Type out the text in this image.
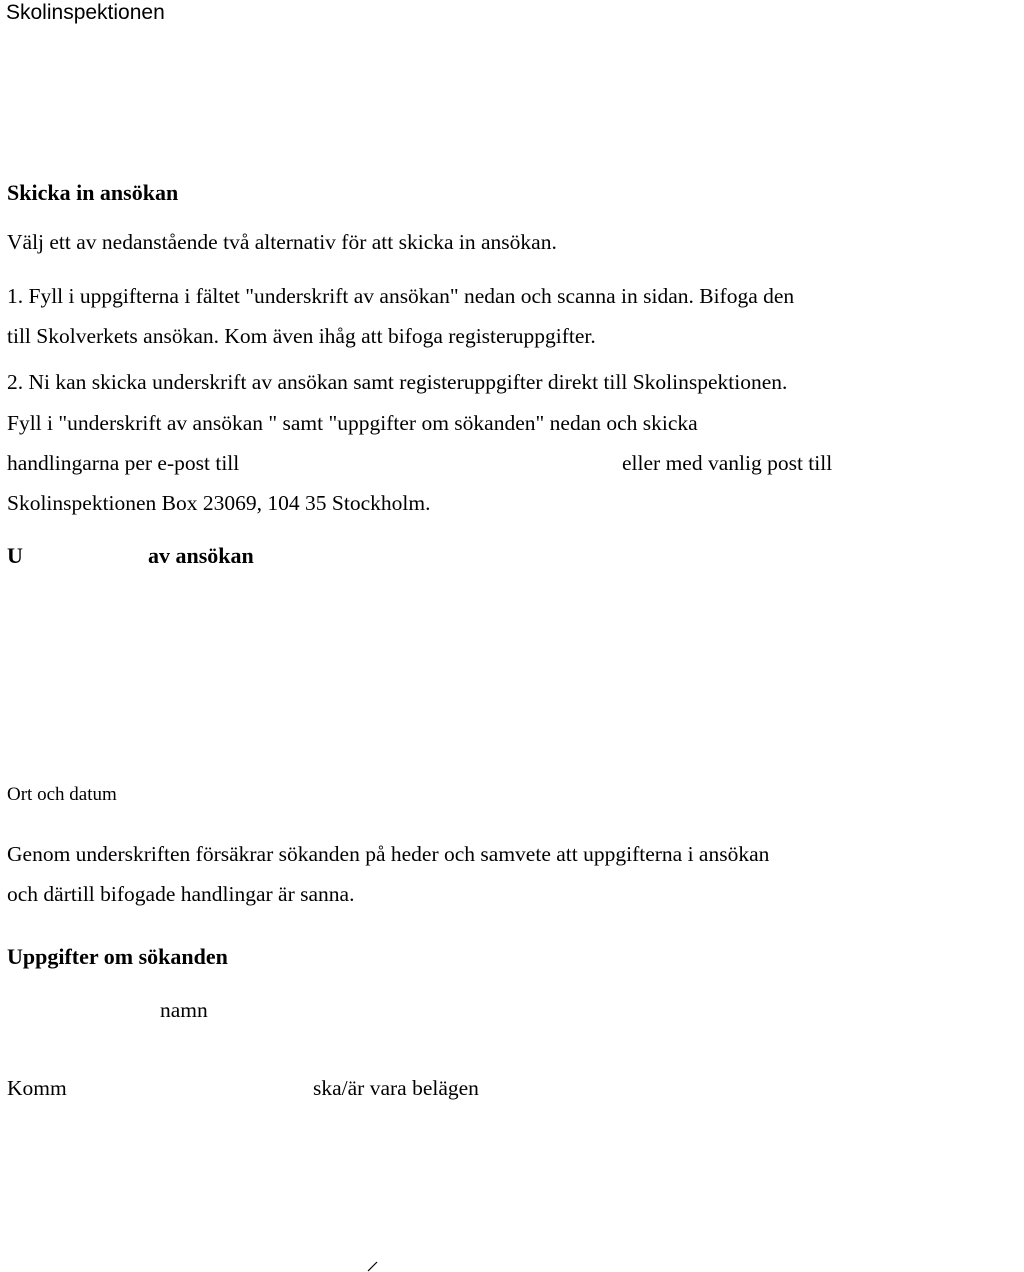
Skolinspektionen
Skicka in ansökan
Välj ett av nedanstående två alternativ för att skicka in ansökan.
1. Fyll i uppgifterna i fältet "underskrift av ansökan" nedan och scanna in sidan. Bifoga den
till Skolverkets ansökan. Kom även ihåg att bifoga registeruppgifter.
2. Ni kan skicka underskrift av ansökan samt registeruppgifter direkt till Skolinspektionen.
Fyll i "underskrift av ansökan " samt "uppgifter om sökanden" nedan och skicka
handlingarna per e-post till	eller med vanlig post till
Skolinspektionen Box 23069, 104 35 Stockholm.
U	av ansökan
Ort och datum
Genom underskriften försäkrar sökanden på heder och samvete att uppgifterna i ansökan
och därtill bifogade handlingar är sanna.
Uppgifter om sökanden
namn
Komm	ska/är vara belägen
